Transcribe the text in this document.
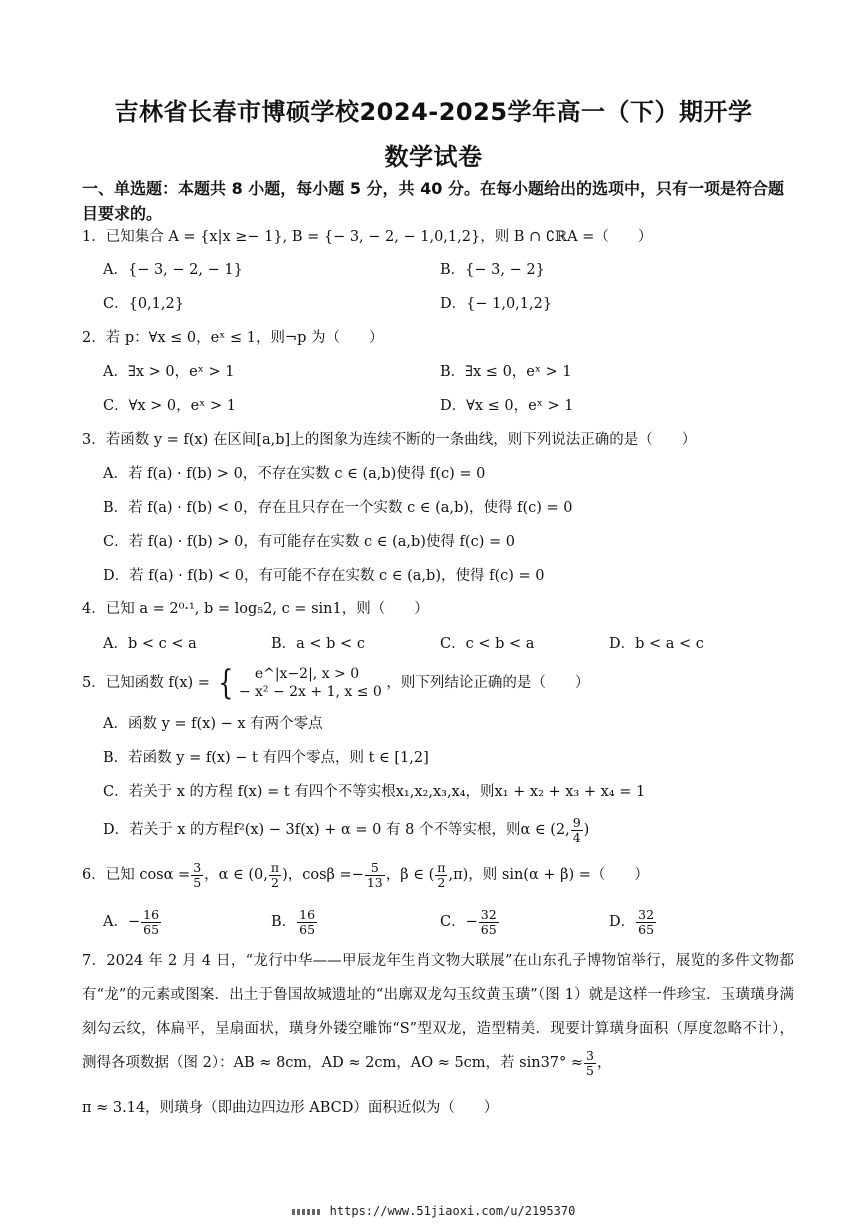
吉林省长春市博硕学校2024-2025学年高一（下）期开学
数学试卷
一、单选题：本题共 8 小题，每小题 5 分，共 40 分。在每小题给出的选项中，只有一项是符合题目要求的。
1．已知集合 A = {x|x ≥− 1}, B = {− 3, − 2, − 1,0,1,2}，则 B ∩ ∁ℝA =（　　）
A．{− 3, − 2, − 1}	B．{− 3, − 2}
C．{0,1,2}	D．{− 1,0,1,2}
2．若 p：∀x ≤ 0，eˣ ≤ 1，则¬p 为（　　）
A．∃x > 0，eˣ > 1	B．∃x ≤ 0，eˣ > 1
C．∀x > 0，eˣ > 1	D．∀x ≤ 0，eˣ > 1
3．若函数 y = f(x) 在区间[a,b]上的图象为连续不断的一条曲线，则下列说法正确的是（　　）
A．若 f(a) · f(b) > 0，不存在实数 c ∈ (a,b)使得 f(c) = 0
B．若 f(a) · f(b) < 0，存在且只存在一个实数 c ∈ (a,b)，使得 f(c) = 0
C．若 f(a) · f(b) > 0，有可能存在实数 c ∈ (a,b)使得 f(c) = 0
D．若 f(a) · f(b) < 0，有可能不存在实数 c ∈ (a,b)，使得 f(c) = 0
4．已知 a = 2⁰·¹, b = log₅2, c = sin1，则（　　）
A．b < c < a	B．a < b < c	C．c < b < a	D．b < a < c
5．已知函数 f(x) = {	e^|x−2|, x > 0
− x² − 2x + 1, x ≤ 0
，则下列结论正确的是（　　）
A．函数 y = f(x) − x 有两个零点
B．若函数 y = f(x) − t 有四个零点，则 t ∈ [1,2]
C．若关于 x 的方程 f(x) = t 有四个不等实根x₁,x₂,x₃,x₄，则x₁ + x₂ + x₃ + x₄ = 1
D．若关于 x 的方程f²(x) − 3f(x) + α = 0 有 8 个不等实根，则α ∈ (2, $\frac{9}{4}$ )
6．已知 $\cos\alpha = \frac{3}{5}$ ，α ∈ (0, $\frac{\pi}{2}$ )，$\cos\beta =- \frac{5}{13}$ ，β ∈ ( $\frac{\pi}{2} ,\pi$)，则 sin(α + β) =（　　）
A．− $\frac{16}{65}$	B． $\frac{16}{65}$	C．− $\frac{32}{65}$	D． $\frac{32}{65}$
7．2024 年 2 月 4 日，“龙行中华——甲辰龙年生肖文物大联展”在山东孔子博物馆举行，展览的多件文物都有“龙”的元素或图案．出土于鲁国故城遗址的“出廓双龙勾玉纹黄玉璜”（图 1）就是这样一件珍宝．玉璜璜身满刻勾云纹，体扁平，呈扇面状，璜身外镂空雕饰“S”型双龙，造型精美．现要计算璜身面积（厚度忽略不计），测得各项数据（图 2）：AB ≈ 8cm，AD ≈ 2cm，AO ≈ 5cm，若 $\sin 37^\circ \approx \frac{3}{5}$ ，
π ≈ 3.14，则璜身（即曲边四边形 ABCD）面积近似为（　　）
https://www.51jiaoxi.com/u/2195370
